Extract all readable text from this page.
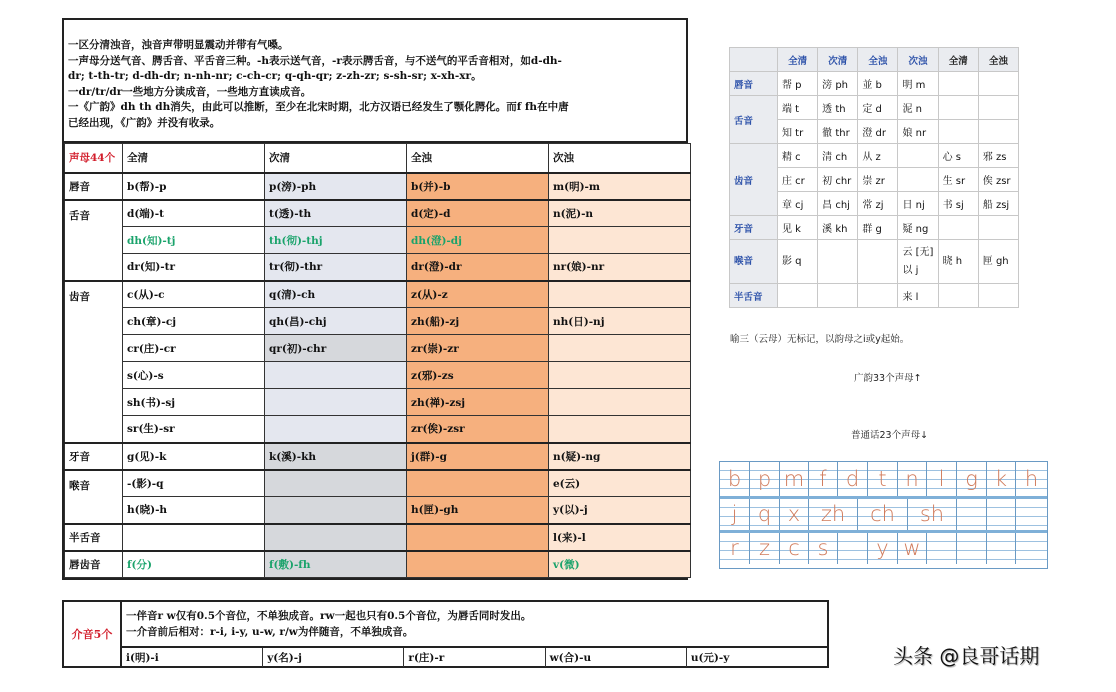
一区分清浊音，浊音声带明显震动并带有气嗓。
一声母分送气音、腭舌音、平舌音三种。-h表示送气音，-r表示腭舌音，与不送气的平舌音相对，如d-dh-
dr; t-th-tr; d-dh-dr; n-nh-nr; c-ch-cr; q-qh-qr; z-zh-zr; s-sh-sr; x-xh-xr。
一dr/tr/dr一些地方分读成音，一些地方直读成音。
一《广韵》dh th dh消失，由此可以推断，至少在北宋时期，北方汉语已经发生了颚化腭化。而f fh在中唐
已经出现，《广韵》并没有收录。
声母44个	全清	次清	全浊	次浊
唇音	b(帮)-p	p(滂)-ph	b(并)-b	m(明)-m
舌音	d(端)-t	t(透)-th	d(定)-d	n(泥)-n
	dh(知)-tj	th(彻)-thj	dh(澄)-dj	
	dr(知)-tr	tr(彻)-thr	dr(澄)-dr	nr(娘)-nr
齿音	c(从)-c	q(清)-ch	z(从)-z	
	ch(章)-cj	qh(昌)-chj	zh(船)-zj	nh(日)-nj
	cr(庄)-cr	qr(初)-chr	zr(崇)-zr	
	s(心)-s		z(邪)-zs	
	sh(书)-sj		zh(禅)-zsj	
	sr(生)-sr		zr(俟)-zsr	
牙音	g(见)-k	k(溪)-kh	j(群)-g	n(疑)-ng
喉音	-(影)-q			e(云)
	h(晓)-h		h(匣)-gh	y(以)-j
半舌音				l(来)-l
唇齿音	f(分)	f(敷)-fh		v(微)
介音5个
一伴音r w仅有0.5个音位，不单独成音。rw一起也只有0.5个音位，为唇舌同时发出。
一介音前后相对：r-i, i-y, u-w, r/w为伴随音，不单独成音。
i(明)-i	y(名)-j	r(庄)-r	w(合)-u	u(元)-y
	全清	次清	全浊	次浊	全清	全浊
唇音	帮 p	滂 ph	並 b	明 m		
舌音	端 t	透 th	定 d	泥 n		
	知 tr	徹 thr	澄 dr	娘 nr		
齿音	精 c	清 ch	从 z		心 s	邪 zs
	庄 cr	初 chr	崇 zr		生 sr	俟 zsr
	章 cj	昌 chj	常 zj	日 nj	书 sj	船 zsj
牙音	见 k	溪 kh	群 g	疑 ng		
喉音	影 q			云 [无] 以 j	晓 h	匣 gh
半舌音				来 l		
喻三（云母）无标记，以韵母之i或y起始。
广韵33个声母↑
普通话23个声母↓
b p m f d t n l g k h
j q x zh	ch	sh
r z c s	y w
头条 @良哥话期
